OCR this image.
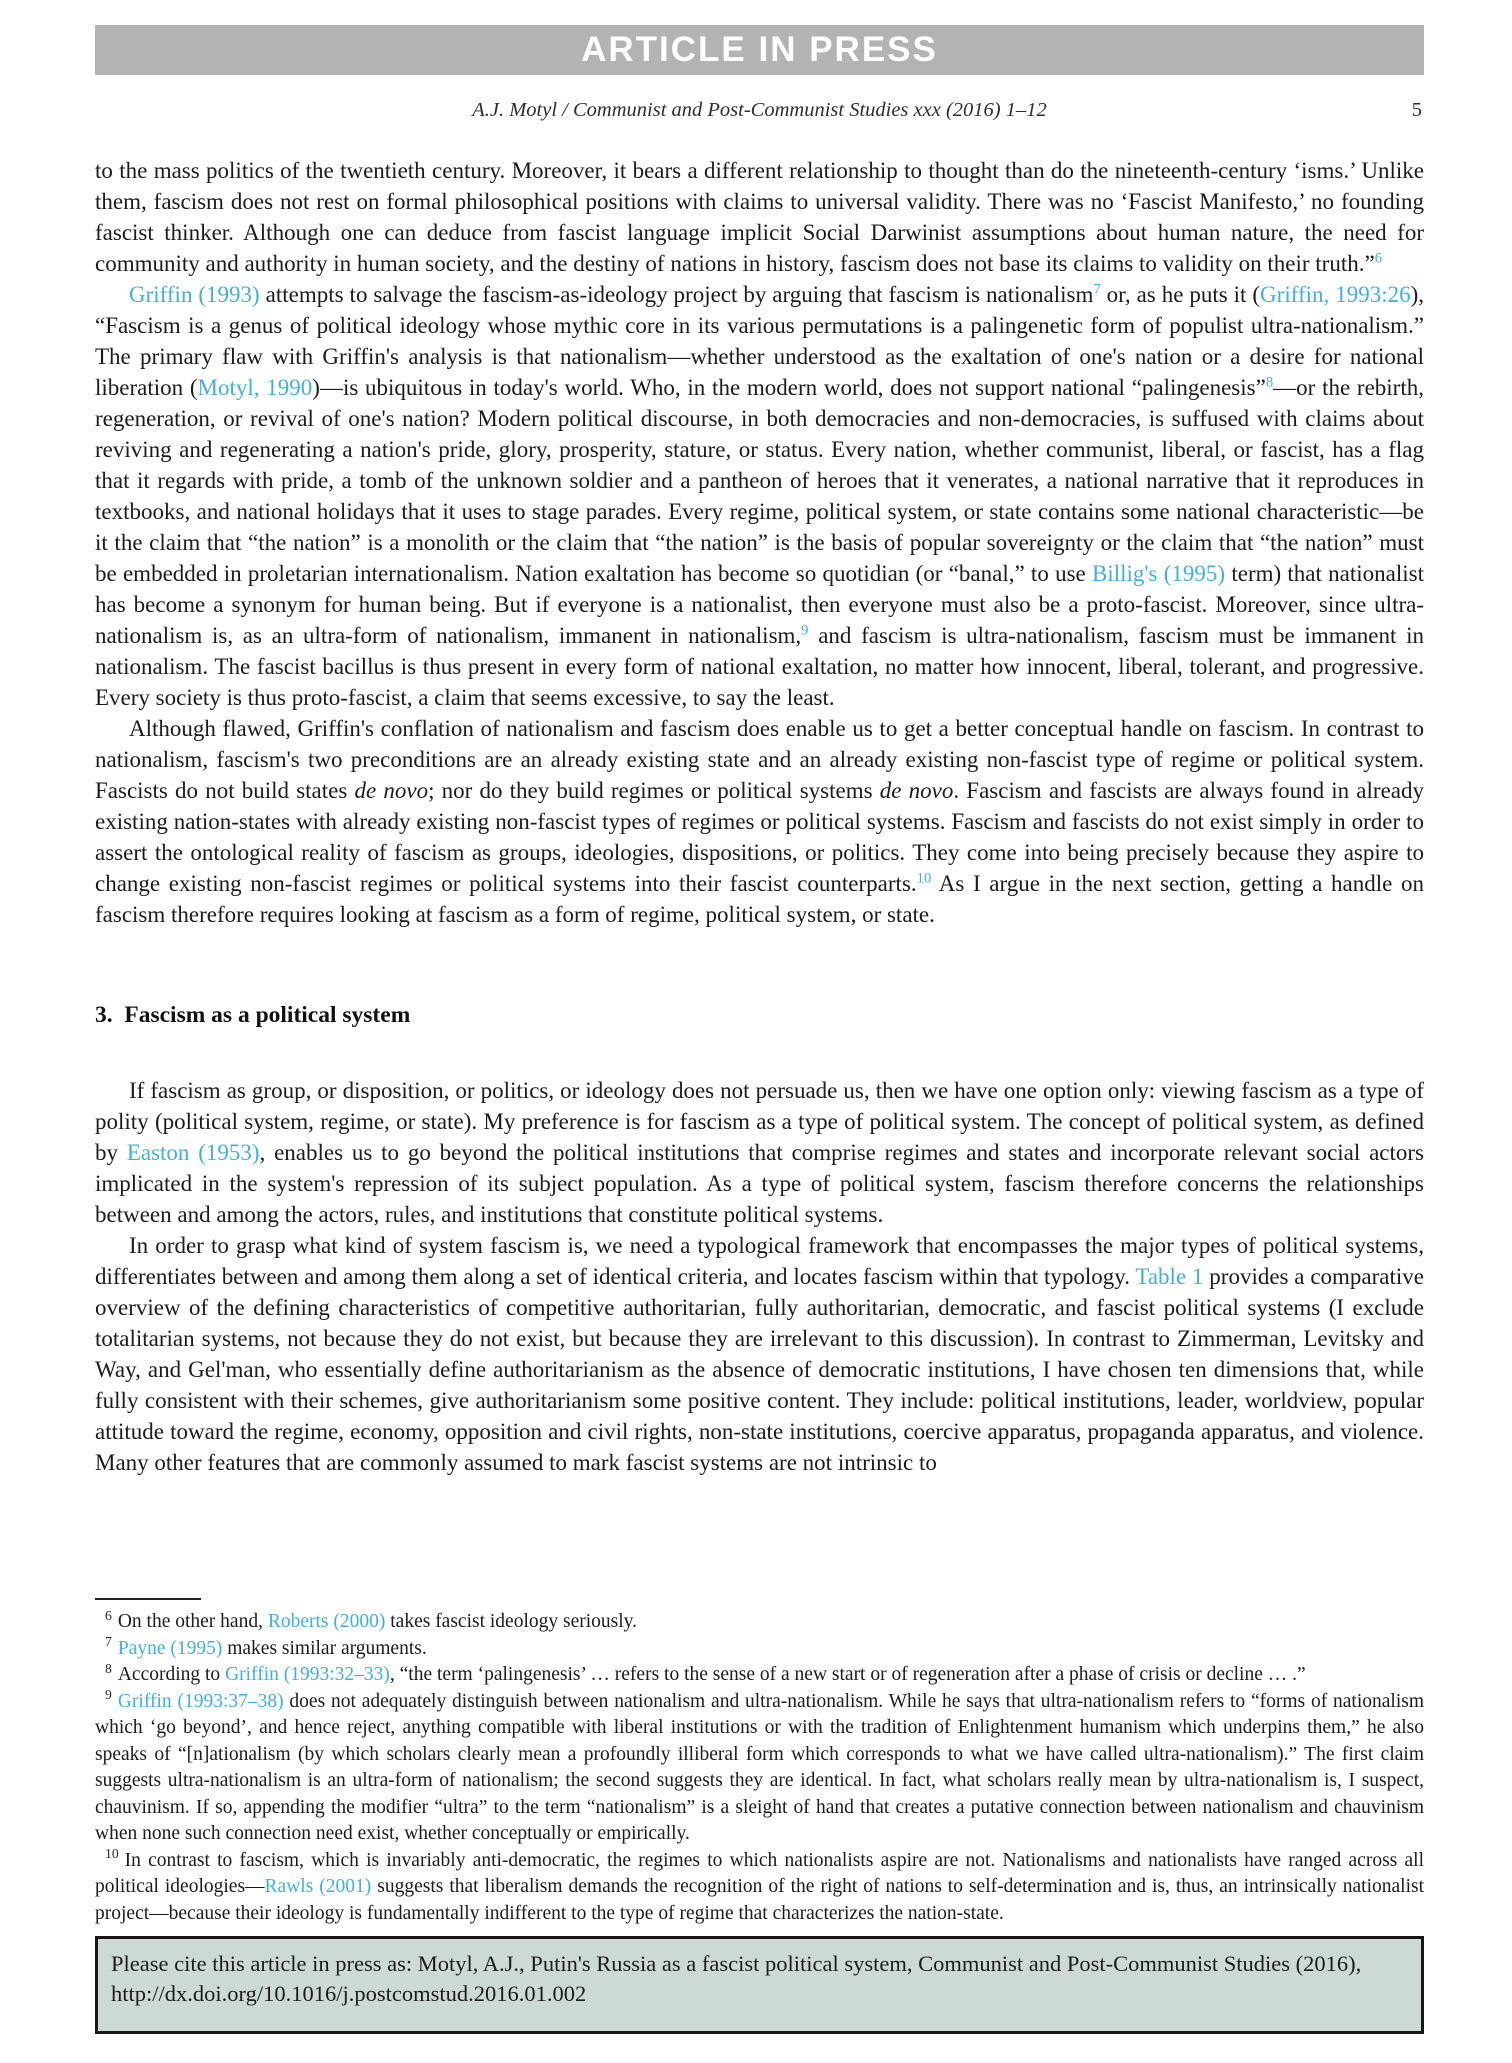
ARTICLE IN PRESS
A.J. Motyl / Communist and Post-Communist Studies xxx (2016) 1–12	5

to the mass politics of the twentieth century. Moreover, it bears a different relationship to thought than do the nineteenth-century ‘isms.’ Unlike them, fascism does not rest on formal philosophical positions with claims to universal validity. There was no ‘Fascist Manifesto,’ no founding fascist thinker. Although one can deduce from fascist language implicit Social Darwinist assumptions about human nature, the need for community and authority in human society, and the destiny of nations in history, fascism does not base its claims to validity on their truth.”$^6$

Griffin (1993) attempts to salvage the fascism-as-ideology project by arguing that fascism is nationalism$^7$ or, as he puts it (Griffin, 1993:26), “Fascism is a genus of political ideology whose mythic core in its various permutations is a palingenetic form of populist ultra-nationalism.” The primary flaw with Griffin's analysis is that nationalism—whether understood as the exaltation of one's nation or a desire for national liberation (Motyl, 1990)—is ubiquitous in today's world. Who, in the modern world, does not support national “palingenesis”$^8$—or the rebirth, regeneration, or revival of one's nation? Modern political discourse, in both democracies and non-democracies, is suffused with claims about reviving and regenerating a nation's pride, glory, prosperity, stature, or status. Every nation, whether communist, liberal, or fascist, has a flag that it regards with pride, a tomb of the unknown soldier and a pantheon of heroes that it venerates, a national narrative that it reproduces in textbooks, and national holidays that it uses to stage parades. Every regime, political system, or state contains some national characteristic—be it the claim that “the nation” is a monolith or the claim that “the nation” is the basis of popular sovereignty or the claim that “the nation” must be embedded in proletarian internationalism. Nation exaltation has become so quotidian (or “banal,” to use Billig's (1995) term) that nationalist has become a synonym for human being. But if everyone is a nationalist, then everyone must also be a proto-fascist. Moreover, since ultra-nationalism is, as an ultra-form of nationalism, immanent in nationalism,$^9$ and fascism is ultra-nationalism, fascism must be immanent in nationalism. The fascist bacillus is thus present in every form of national exaltation, no matter how innocent, liberal, tolerant, and progressive. Every society is thus proto-fascist, a claim that seems excessive, to say the least.

Although flawed, Griffin's conflation of nationalism and fascism does enable us to get a better conceptual handle on fascism. In contrast to nationalism, fascism's two preconditions are an already existing state and an already existing non-fascist type of regime or political system. Fascists do not build states de novo; nor do they build regimes or political systems de novo. Fascism and fascists are always found in already existing nation-states with already existing non-fascist types of regimes or political systems. Fascism and fascists do not exist simply in order to assert the ontological reality of fascism as groups, ideologies, dispositions, or politics. They come into being precisely because they aspire to change existing non-fascist regimes or political systems into their fascist counterparts.$^{10}$ As I argue in the next section, getting a handle on fascism therefore requires looking at fascism as a form of regime, political system, or state.

3. Fascism as a political system

If fascism as group, or disposition, or politics, or ideology does not persuade us, then we have one option only: viewing fascism as a type of polity (political system, regime, or state). My preference is for fascism as a type of political system. The concept of political system, as defined by Easton (1953), enables us to go beyond the political institutions that comprise regimes and states and incorporate relevant social actors implicated in the system's repression of its subject population. As a type of political system, fascism therefore concerns the relationships between and among the actors, rules, and institutions that constitute political systems.

In order to grasp what kind of system fascism is, we need a typological framework that encompasses the major types of political systems, differentiates between and among them along a set of identical criteria, and locates fascism within that typology. Table 1 provides a comparative overview of the defining characteristics of competitive authoritarian, fully authoritarian, democratic, and fascist political systems (I exclude totalitarian systems, not because they do not exist, but because they are irrelevant to this discussion). In contrast to Zimmerman, Levitsky and Way, and Gel'man, who essentially define authoritarianism as the absence of democratic institutions, I have chosen ten dimensions that, while fully consistent with their schemes, give authoritarianism some positive content. They include: political institutions, leader, worldview, popular attitude toward the regime, economy, opposition and civil rights, non-state institutions, coercive apparatus, propaganda apparatus, and violence. Many other features that are commonly assumed to mark fascist systems are not intrinsic to

$^6$ On the other hand, Roberts (2000) takes fascist ideology seriously.

$^7$ Payne (1995) makes similar arguments.

$^8$ According to Griffin (1993:32–33), “the term ‘palingenesis’ … refers to the sense of a new start or of regeneration after a phase of crisis or decline … .”

$^9$ Griffin (1993:37–38) does not adequately distinguish between nationalism and ultra-nationalism. While he says that ultra-nationalism refers to “forms of nationalism which ‘go beyond’, and hence reject, anything compatible with liberal institutions or with the tradition of Enlightenment humanism which underpins them,” he also speaks of “[n]ationalism (by which scholars clearly mean a profoundly illiberal form which corresponds to what we have called ultra-nationalism).” The first claim suggests ultra-nationalism is an ultra-form of nationalism; the second suggests they are identical. In fact, what scholars really mean by ultra-nationalism is, I suspect, chauvinism. If so, appending the modifier “ultra” to the term “nationalism” is a sleight of hand that creates a putative connection between nationalism and chauvinism when none such connection need exist, whether conceptually or empirically.

$^{10}$ In contrast to fascism, which is invariably anti-democratic, the regimes to which nationalists aspire are not. Nationalisms and nationalists have ranged across all political ideologies—Rawls (2001) suggests that liberalism demands the recognition of the right of nations to self-determination and is, thus, an intrinsically nationalist project—because their ideology is fundamentally indifferent to the type of regime that characterizes the nation-state.

Please cite this article in press as: Motyl, A.J., Putin's Russia as a fascist political system, Communist and Post-Communist Studies (2016), http://dx.doi.org/10.1016/j.postcomstud.2016.01.002
